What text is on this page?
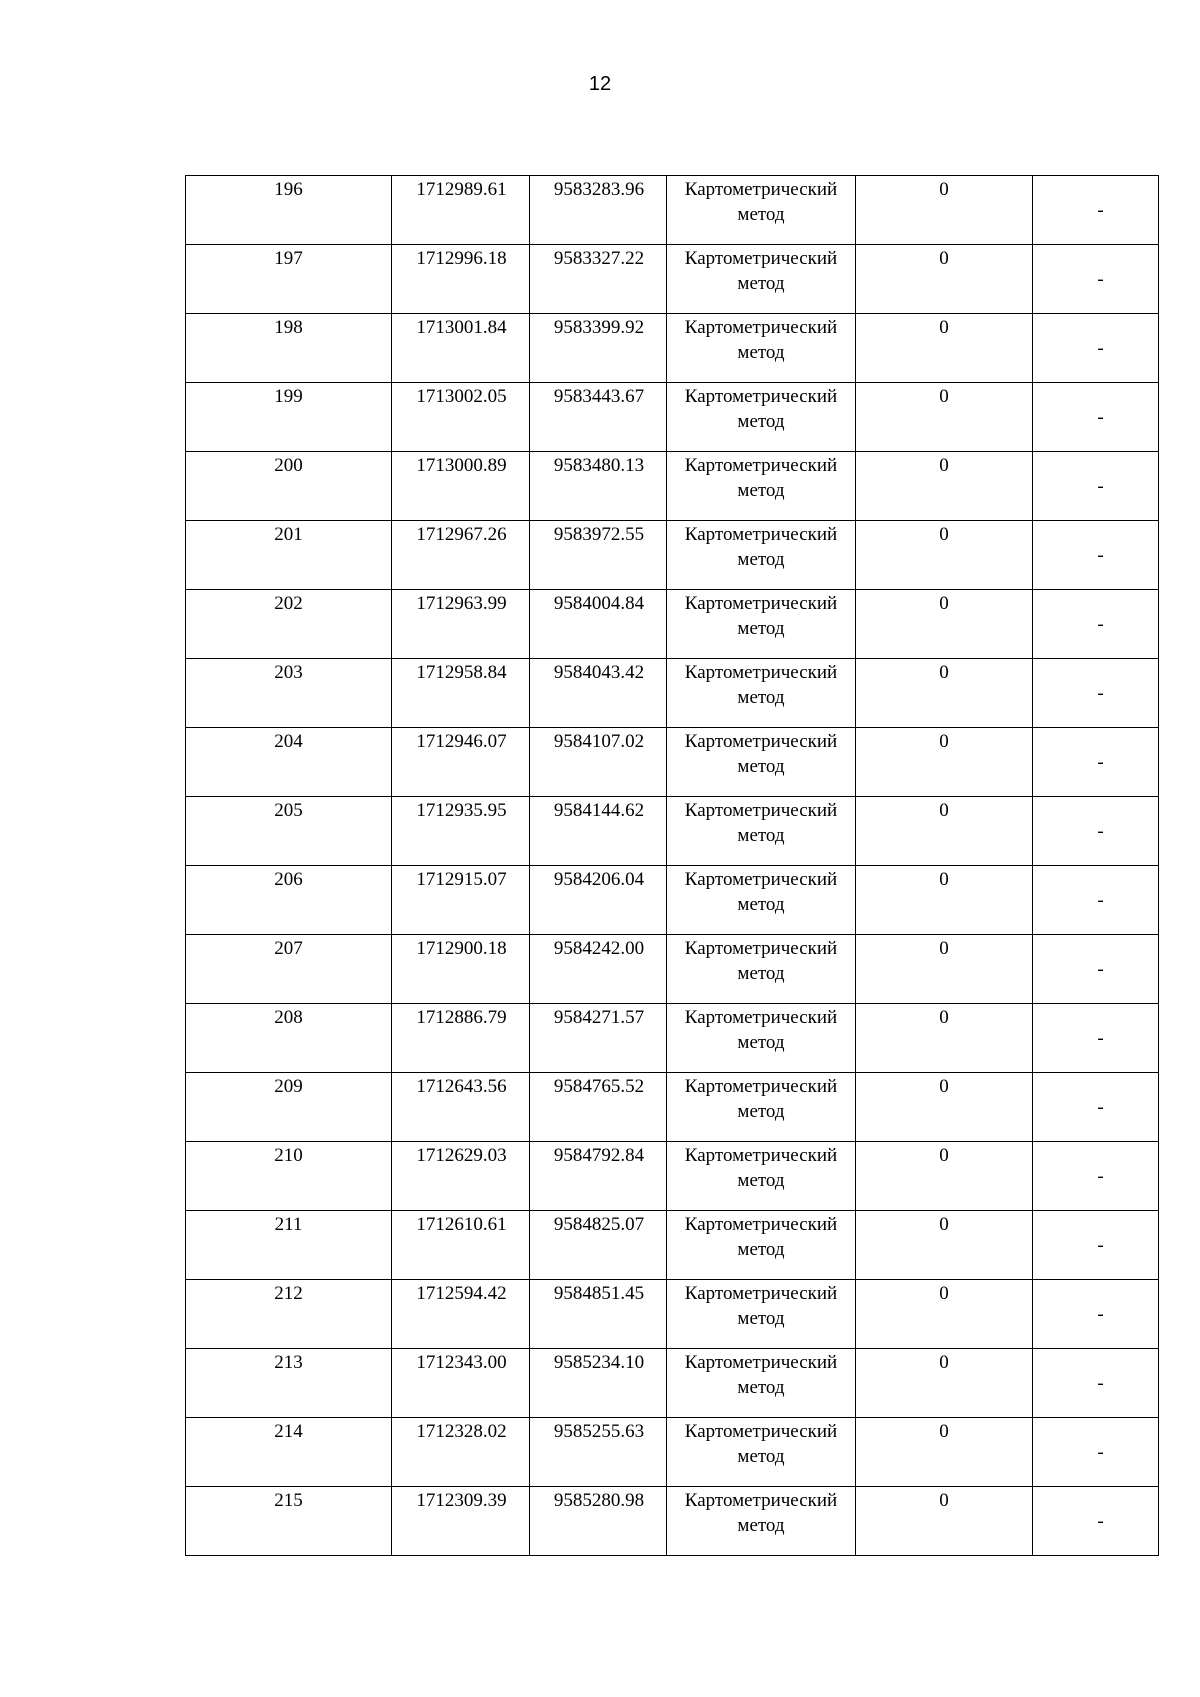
12
196	1712989.61	9583283.96	Картометрический
метод	0	-

197	1712996.18	9583327.22	Картометрический
метод	0	-

198	1713001.84	9583399.92	Картометрический
метод	0	-

199	1713002.05	9583443.67	Картометрический
метод	0	-

200	1713000.89	9583480.13	Картометрический
метод	0	-

201	1712967.26	9583972.55	Картометрический
метод	0	-

202	1712963.99	9584004.84	Картометрический
метод	0	-

203	1712958.84	9584043.42	Картометрический
метод	0	-

204	1712946.07	9584107.02	Картометрический
метод	0	-

205	1712935.95	9584144.62	Картометрический
метод	0	-

206	1712915.07	9584206.04	Картометрический
метод	0	-

207	1712900.18	9584242.00	Картометрический
метод	0	-

208	1712886.79	9584271.57	Картометрический
метод	0	-

209	1712643.56	9584765.52	Картометрический
метод	0	-

210	1712629.03	9584792.84	Картометрический
метод	0	-

211	1712610.61	9584825.07	Картометрический
метод	0	-

212	1712594.42	9584851.45	Картометрический
метод	0	-

213	1712343.00	9585234.10	Картометрический
метод	0	-

214	1712328.02	9585255.63	Картометрический
метод	0	-

215	1712309.39	9585280.98	Картометрический
метод	0	-
